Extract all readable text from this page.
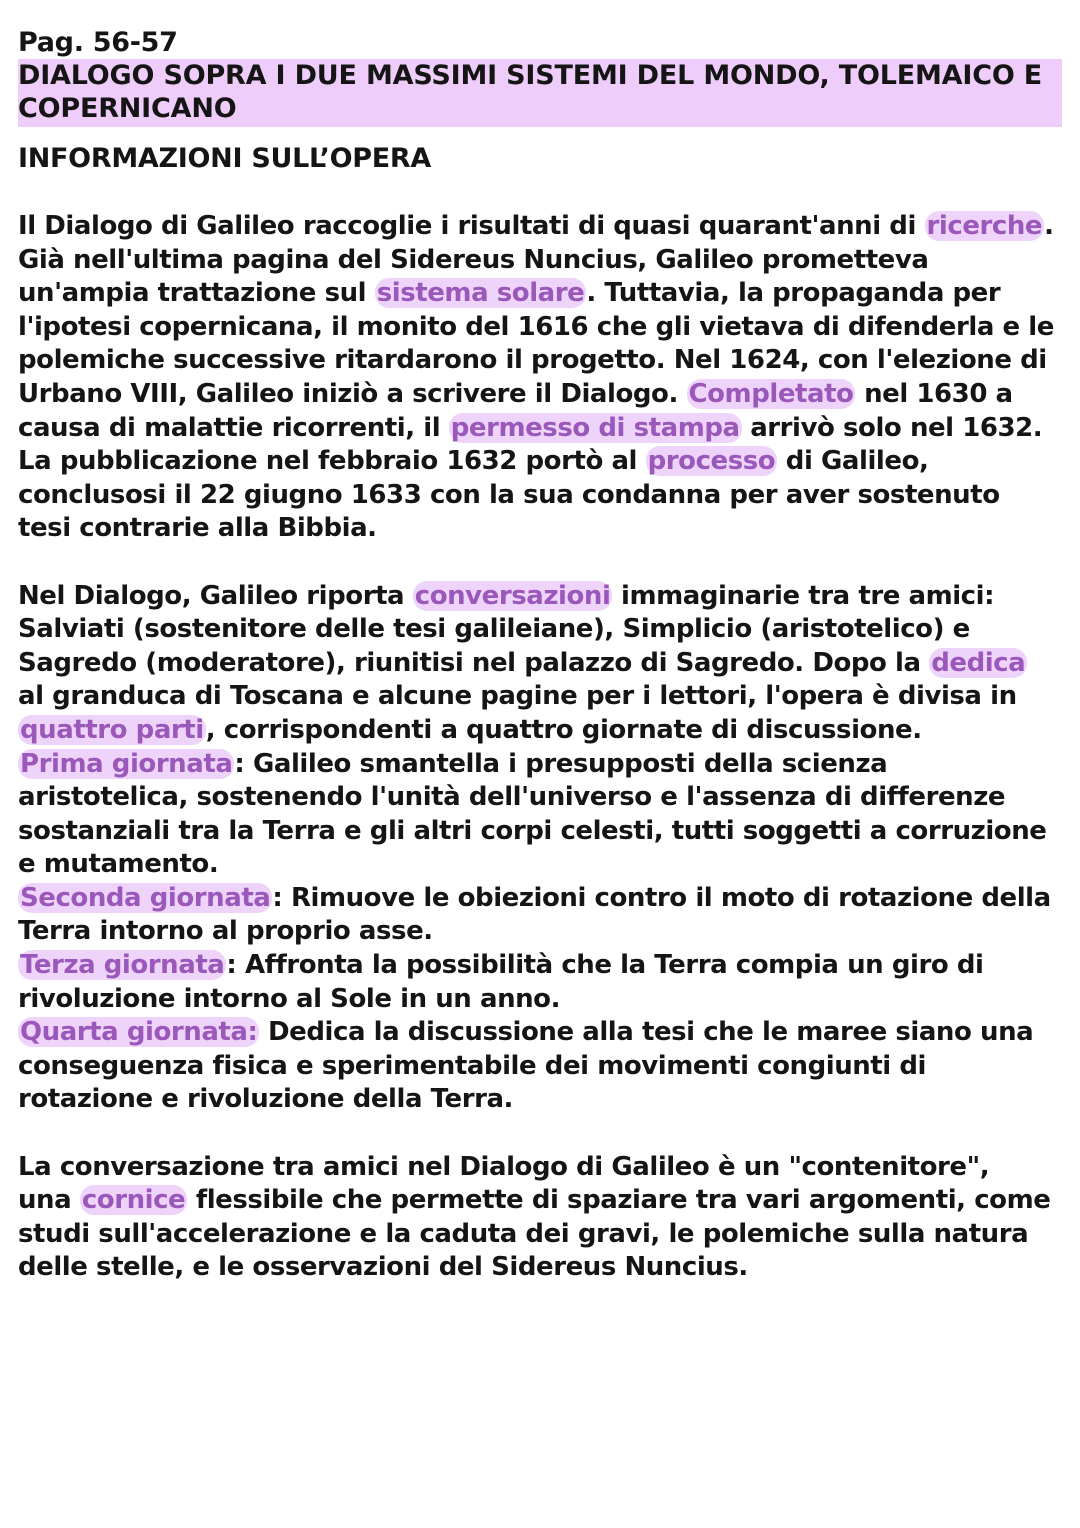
Pag. 56-57
DIALOGO SOPRA I DUE MASSIMI SISTEMI DEL MONDO, TOLEMAICO E
COPERNICANO
INFORMAZIONI SULL’OPERA
Il Dialogo di Galileo raccoglie i risultati di quasi quarant'anni di ricerche.
Già nell'ultima pagina del Sidereus Nuncius, Galileo prometteva
un'ampia trattazione sul sistema solare. Tuttavia, la propaganda per
l'ipotesi copernicana, il monito del 1616 che gli vietava di difenderla e le
polemiche successive ritardarono il progetto. Nel 1624, con l'elezione di
Urbano VIII, Galileo iniziò a scrivere il Dialogo. Completato nel 1630 a
causa di malattie ricorrenti, il permesso di stampa arrivò solo nel 1632.
La pubblicazione nel febbraio 1632 portò al processo di Galileo,
conclusosi il 22 giugno 1633 con la sua condanna per aver sostenuto
tesi contrarie alla Bibbia.
Nel Dialogo, Galileo riporta conversazioni immaginarie tra tre amici:
Salviati (sostenitore delle tesi galileiane), Simplicio (aristotelico) e
Sagredo (moderatore), riunitisi nel palazzo di Sagredo. Dopo la dedica
al granduca di Toscana e alcune pagine per i lettori, l'opera è divisa in
quattro parti, corrispondenti a quattro giornate di discussione.
Prima giornata: Galileo smantella i presupposti della scienza
aristotelica, sostenendo l'unità dell'universo e l'assenza di differenze
sostanziali tra la Terra e gli altri corpi celesti, tutti soggetti a corruzione
e mutamento.
Seconda giornata: Rimuove le obiezioni contro il moto di rotazione della
Terra intorno al proprio asse.
Terza giornata: Affronta la possibilità che la Terra compia un giro di
rivoluzione intorno al Sole in un anno.
Quarta giornata: Dedica la discussione alla tesi che le maree siano una
conseguenza fisica e sperimentabile dei movimenti congiunti di
rotazione e rivoluzione della Terra.
La conversazione tra amici nel Dialogo di Galileo è un "contenitore",
una cornice flessibile che permette di spaziare tra vari argomenti, come
studi sull'accelerazione e la caduta dei gravi, le polemiche sulla natura
delle stelle, e le osservazioni del Sidereus Nuncius.
